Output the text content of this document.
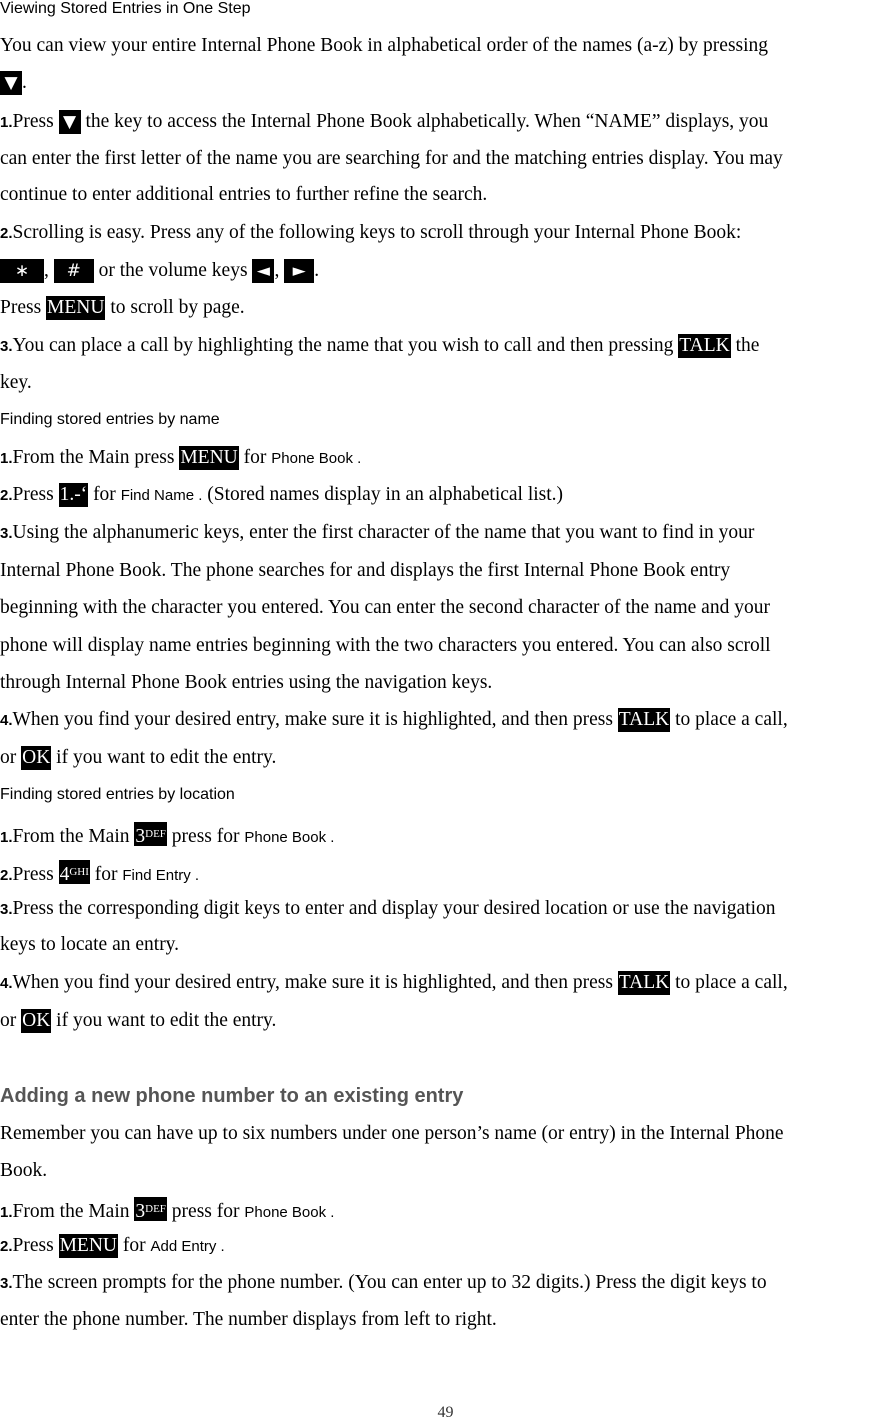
Viewing Stored Entries in One Step
You can view your entire Internal Phone Book in alphabetical order of the names (a-z) by pressing
▼ .
1.Press ▼ the key to access the Internal Phone Book alphabetically. When “NAME” displays, you
can enter the first letter of the name you are searching for and the matching entries display. You may
continue to enter additional entries to further refine the search.
2.Scrolling is easy. Press any of the following keys to scroll through your Internal Phone Book:
∗ , # or the volume keys ◄ , ► .
Press MENU to scroll by page.
3.You can place a call by highlighting the name that you wish to call and then pressing TALK the
key.
Finding stored entries by name
1.From the Main press MENU for Phone Book .
2.Press 1.-‘ for Find Name . (Stored names display in an alphabetical list.)
3.Using the alphanumeric keys, enter the first character of the name that you want to find in your
Internal Phone Book. The phone searches for and displays the first Internal Phone Book entry
beginning with the character you entered. You can enter the second character of the name and your
phone will display name entries beginning with the two characters you entered. You can also scroll
through Internal Phone Book entries using the navigation keys.
4.When you find your desired entry, make sure it is highlighted, and then press TALK to place a call,
or OK if you want to edit the entry.
Finding stored entries by location
1.From the Main $3^{DEF}$ press for Phone Book .
2.Press $4^{GHI}$ for Find Entry .
3.Press the corresponding digit keys to enter and display your desired location or use the navigation
keys to locate an entry.
4.When you find your desired entry, make sure it is highlighted, and then press TALK to place a call,
or OK if you want to edit the entry.
Adding a new phone number to an existing entry
Remember you can have up to six numbers under one person’s name (or entry) in the Internal Phone
Book.
1.From the Main $3^{DEF}$ press for Phone Book .
2.Press MENU for Add Entry .
3.The screen prompts for the phone number. (You can enter up to 32 digits.) Press the digit keys to
enter the phone number. The number displays from left to right.
49
